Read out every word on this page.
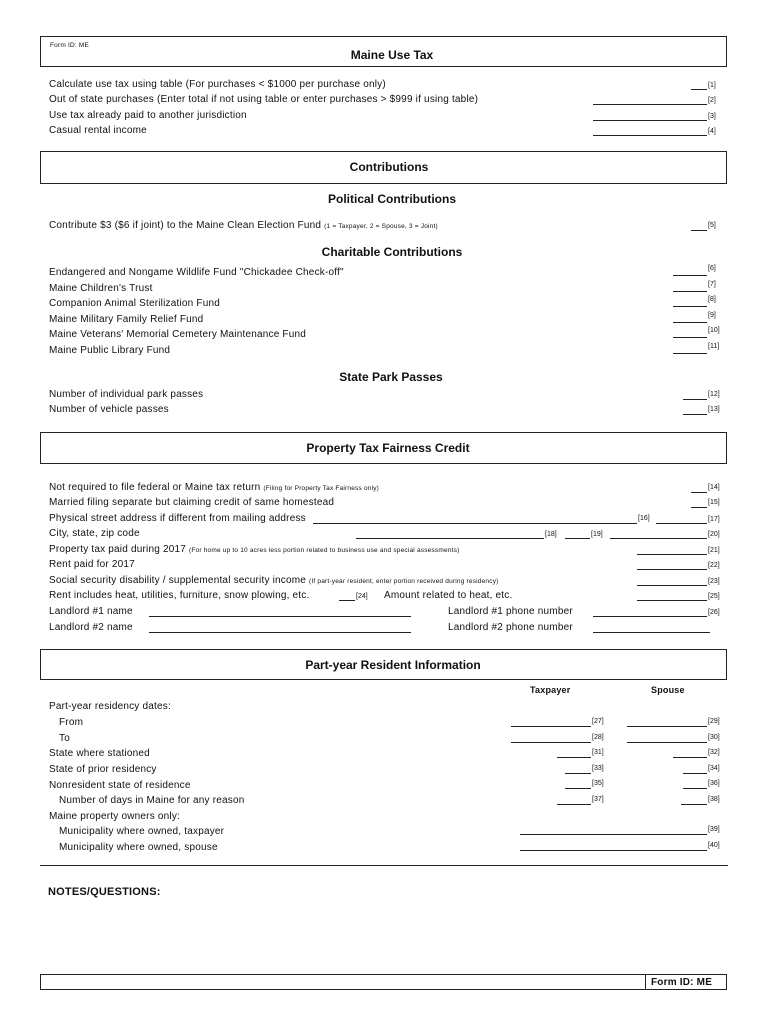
Form ID: ME
Maine Use Tax
Calculate use tax using table (For purchases < $1000 per purchase only)	[1]
Out of state purchases (Enter total if not using table or enter purchases > $999 if using table)	[2]
Use tax already paid to another jurisdiction	[3]
Casual rental income	[4]
Contributions
Political Contributions
Contribute $3 ($6 if joint) to the Maine Clean Election Fund (1 = Taxpayer, 2 = Spouse, 3 = Joint)	[5]
Charitable Contributions
Endangered and Nongame Wildlife Fund "Chickadee Check-off"	[6]
Maine Children's Trust	[7]
Companion Animal Sterilization Fund	[8]
Maine Military Family Relief Fund	[9]
Maine Veterans' Memorial Cemetery Maintenance Fund	[10]
Maine Public Library Fund	[11]
State Park Passes
Number of individual park passes	[12]
Number of vehicle passes	[13]
Property Tax Fairness Credit
Not required to file federal or Maine tax return (Filing for Property Tax Fairness only)	[14]
Married filing separate but claiming credit of same homestead	[15]
Physical street address if different from mailing address	[16]	[17]
City, state, zip code	[18]	[19]	[20]
Property tax paid during 2017 (For home up to 10 acres less portion related to business use and special assessments)	[21]
Rent paid for 2017	[22]
Social security disability / supplemental security income (If part-year resident, enter portion received during residency)	[23]
Rent includes heat, utilities, furniture, snow plowing, etc.	[24] Amount related to heat, etc.	[25]
Landlord #1 name	Landlord #1 phone number	[26]
Landlord #2 name	Landlord #2 phone number
Part-year Resident Information
Taxpayer	Spouse
Part-year residency dates:
From	[27]	[29]
To	[28]	[30]
State where stationed	[31]	[32]
State of prior residency	[33]	[34]
Nonresident state of residence	[35]	[36]
Number of days in Maine for any reason	[37]	[38]
Maine property owners only:
Municipality where owned, taxpayer	[39]
Municipality where owned, spouse	[40]
NOTES/QUESTIONS:
Form ID: ME
